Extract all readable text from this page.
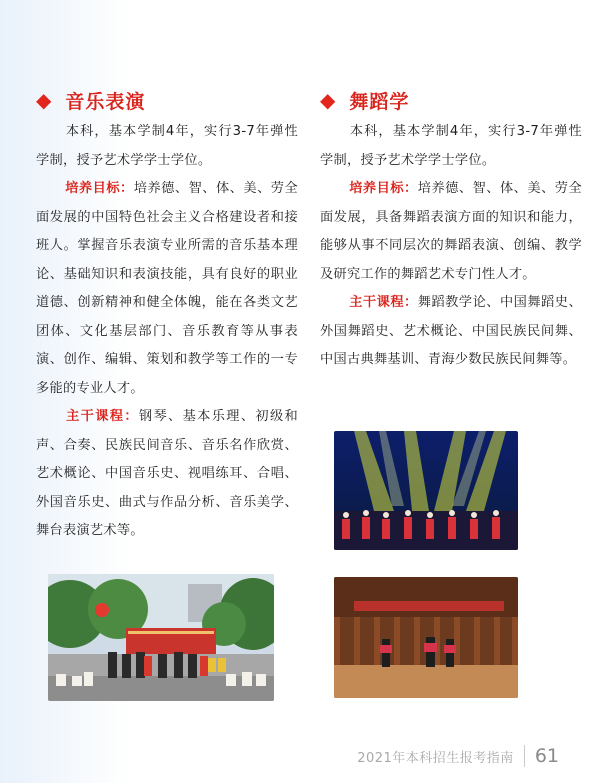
◆ 音乐表演

本科，基本学制4年，实行3-7年弹性学制，授予艺术学学士学位。

培养目标：培养德、智、体、美、劳全面发展的中国特色社会主义合格建设者和接班人。掌握音乐表演专业所需的音乐基本理论、基础知识和表演技能，具有良好的职业道德、创新精神和健全体魄，能在各类文艺团体、文化基层部门、音乐教育等从事表演、创作、编辑、策划和教学等工作的一专多能的专业人才。

主干课程：钢琴、基本乐理、初级和声、合奏、民族民间音乐、音乐名作欣赏、艺术概论、中国音乐史、视唱练耳、合唱、外国音乐史、曲式与作品分析、音乐美学、舞台表演艺术等。

◆ 舞蹈学

本科，基本学制4年，实行3-7年弹性学制，授予艺术学学士学位。

培养目标：培养德、智、体、美、劳全面发展，具备舞蹈表演方面的知识和能力，能够从事不同层次的舞蹈表演、创编、教学及研究工作的舞蹈艺术专门性人才。

主干课程：舞蹈教学论、中国舞蹈史、外国舞蹈史、艺术概论、中国民族民间舞、中国古典舞基训、青海少数民族民间舞等。

2021年本科招生报考指南 61
